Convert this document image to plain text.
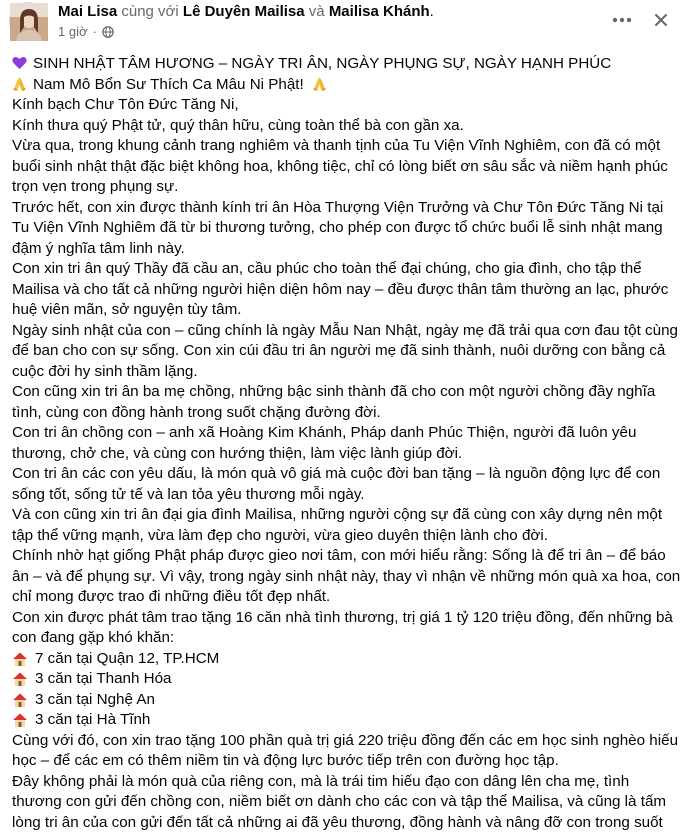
Mai Lisa cùng với Lê Duyên Mailisa và Mailisa Khánh.
1 giờ ·

SINH NHẬT TÂM HƯƠNG – NGÀY TRI ÂN, NGÀY PHỤNG SỰ, NGÀY HẠNH PHÚC

Nam Mô Bổn Sư Thích Ca Mâu Ni Phật!

Kính bạch Chư Tôn Đức Tăng Ni,

Kính thưa quý Phật tử, quý thân hữu, cùng toàn thể bà con gần xa.

Vừa qua, trong khung cảnh trang nghiêm và thanh tịnh của Tu Viện Vĩnh Nghiêm, con đã có một buổi sinh nhật thật đặc biệt không hoa, không tiệc, chỉ có lòng biết ơn sâu sắc và niềm hạnh phúc trọn vẹn trong phụng sự.

Trước hết, con xin được thành kính tri ân Hòa Thượng Viện Trưởng và Chư Tôn Đức Tăng Ni tại Tu Viện Vĩnh Nghiêm đã từ bi thương tưởng, cho phép con được tổ chức buổi lễ sinh nhật mang đậm ý nghĩa tâm linh này.

Con xin tri ân quý Thầy đã cầu an, cầu phúc cho toàn thể đại chúng, cho gia đình, cho tập thể Mailisa và cho tất cả những người hiện diện hôm nay – đều được thân tâm thường an lạc, phước huệ viên mãn, sở nguyện tùy tâm.

Ngày sinh nhật của con – cũng chính là ngày Mẫu Nan Nhật, ngày mẹ đã trải qua cơn đau tột cùng để ban cho con sự sống. Con xin cúi đầu tri ân người mẹ đã sinh thành, nuôi dưỡng con bằng cả cuộc đời hy sinh thầm lặng.

Con cũng xin tri ân ba mẹ chồng, những bậc sinh thành đã cho con một người chồng đầy nghĩa tình, cùng con đồng hành trong suốt chặng đường đời.

Con tri ân chồng con – anh xã Hoàng Kim Khánh, Pháp danh Phúc Thiện, người đã luôn yêu thương, chở che, và cùng con hướng thiện, làm việc lành giúp đời.

Con tri ân các con yêu dấu, là món quà vô giá mà cuộc đời ban tặng – là nguồn động lực để con sống tốt, sống tử tế và lan tỏa yêu thương mỗi ngày.

Và con cũng xin tri ân đại gia đình Mailisa, những người cộng sự đã cùng con xây dựng nên một tập thể vững mạnh, vừa làm đẹp cho người, vừa gieo duyên thiện lành cho đời.

Chính nhờ hạt giống Phật pháp được gieo nơi tâm, con mới hiểu rằng: Sống là để tri ân – để báo ân – và để phụng sự. Vì vậy, trong ngày sinh nhật này, thay vì nhận về những món quà xa hoa, con chỉ mong được trao đi những điều tốt đẹp nhất.

Con xin được phát tâm trao tặng 16 căn nhà tình thương, trị giá 1 tỷ 120 triệu đồng, đến những bà con đang gặp khó khăn:

7 căn tại Quận 12, TP.HCM

3 căn tại Thanh Hóa

3 căn tại Nghệ An

3 căn tại Hà Tĩnh

Cùng với đó, con xin trao tặng 100 phần quà trị giá 220 triệu đồng đến các em học sinh nghèo hiếu học – để các em có thêm niềm tin và động lực bước tiếp trên con đường học tập.

Đây không phải là món quà của riêng con, mà là trái tim hiếu đạo con dâng lên cha mẹ, tình thương con gửi đến chồng con, niềm biết ơn dành cho các con và tập thể Mailisa, và cũng là tấm lòng tri ân của con gửi đến tất cả những ai đã yêu thương, đồng hành và nâng đỡ con trong suốt
